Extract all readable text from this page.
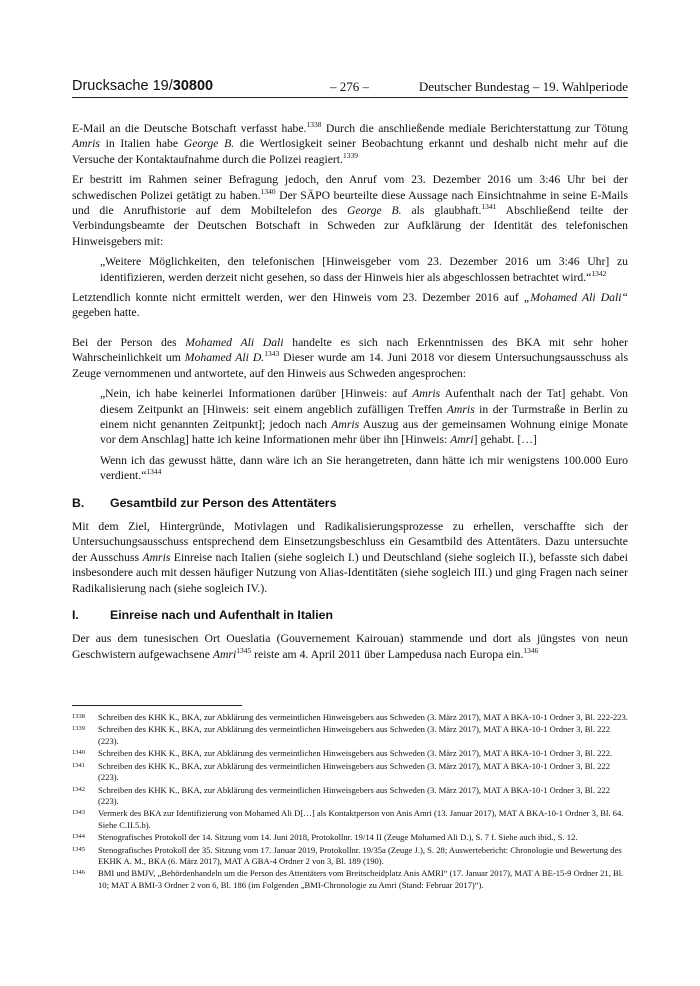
Drucksache 19/30800	– 276 –	Deutscher Bundestag – 19. Wahlperiode

E-Mail an die Deutsche Botschaft verfasst habe.$^{1338}$ Durch die anschließende mediale Berichterstattung zur Tötung Amris in Italien habe George B. die Wertlosigkeit seiner Beobachtung erkannt und deshalb nicht mehr auf die Versuche der Kontaktaufnahme durch die Polizei reagiert.$^{1339}$

Er bestritt im Rahmen seiner Befragung jedoch, den Anruf vom 23. Dezember 2016 um 3:46 Uhr bei der schwedischen Polizei getätigt zu haben.$^{1340}$ Der SÄPO beurteilte diese Aussage nach Einsichtnahme in seine E-Mails und die Anrufhistorie auf dem Mobiltelefon des George B. als glaubhaft.$^{1341}$ Abschließend teilte der Verbindungsbeamte der Deutschen Botschaft in Schweden zur Aufklärung der Identität des telefonischen Hinweisgebers mit:

„Weitere Möglichkeiten, den telefonischen [Hinweisgeber vom 23. Dezember 2016 um 3:46 Uhr] zu identifizieren, werden derzeit nicht gesehen, so dass der Hinweis hier als abgeschlossen betrachtet wird.“$^{1342}$

Letztendlich konnte nicht ermittelt werden, wer den Hinweis vom 23. Dezember 2016 auf „Mohamed Ali Dali“ gegeben hatte.

Bei der Person des Mohamed Ali Dali handelte es sich nach Erkenntnissen des BKA mit sehr hoher Wahrscheinlichkeit um Mohamed Ali D.$^{1343}$ Dieser wurde am 14. Juni 2018 vor diesem Untersuchungsausschuss als Zeuge vernommenen und antwortete, auf den Hinweis aus Schweden angesprochen:

„Nein, ich habe keinerlei Informationen darüber [Hinweis: auf Amris Aufenthalt nach der Tat] gehabt. Von diesem Zeitpunkt an [Hinweis: seit einem angeblich zufälligen Treffen Amris in der Turmstraße in Berlin zu einem nicht genannten Zeitpunkt]; jedoch nach Amris Auszug aus der gemeinsamen Wohnung einige Monate vor dem Anschlag] hatte ich keine Informationen mehr über ihn [Hinweis: Amri] gehabt. […]

Wenn ich das gewusst hätte, dann wäre ich an Sie herangetreten, dann hätte ich mir wenigstens 100.000 Euro verdient.“$^{1344}$

B.	Gesamtbild zur Person des Attentäters

Mit dem Ziel, Hintergründe, Motivlagen und Radikalisierungsprozesse zu erhellen, verschaffte sich der Untersuchungsausschuss entsprechend dem Einsetzungsbeschluss ein Gesamtbild des Attentäters. Dazu untersuchte der Ausschuss Amris Einreise nach Italien (siehe sogleich I.) und Deutschland (siehe sogleich II.), befasste sich dabei insbesondere auch mit dessen häufiger Nutzung von Alias-Identitäten (siehe sogleich III.) und ging Fragen nach seiner Radikalisierung nach (siehe sogleich IV.).

I.	Einreise nach und Aufenthalt in Italien

Der aus dem tunesischen Ort Oueslatia (Gouvernement Kairouan) stammende und dort als jüngstes von neun Geschwistern aufgewachsene Amri$^{1345}$ reiste am 4. April 2011 über Lampedusa nach Europa ein.$^{1346}$

1338	Schreiben des KHK K., BKA, zur Abklärung des vermeintlichen Hinweisgebers aus Schweden (3. März 2017), MAT A BKA-10-1 Ordner 3, Bl. 222-223.
1339	Schreiben des KHK K., BKA, zur Abklärung des vermeintlichen Hinweisgebers aus Schweden (3. März 2017), MAT A BKA-10-1 Ordner 3, Bl. 222 (223).
1340	Schreiben des KHK K., BKA, zur Abklärung des vermeintlichen Hinweisgebers aus Schweden (3. März 2017), MAT A BKA-10-1 Ordner 3, Bl. 222.
1341	Schreiben des KHK K., BKA, zur Abklärung des vermeintlichen Hinweisgebers aus Schweden (3. März 2017), MAT A BKA-10-1 Ordner 3, Bl. 222 (223).
1342	Schreiben des KHK K., BKA, zur Abklärung des vermeintlichen Hinweisgebers aus Schweden (3. März 2017), MAT A BKA-10-1 Ordner 3, Bl. 222 (223).
1343	Vermerk des BKA zur Identifizierung von Mohamed Ali D[…] als Kontaktperson von Anis Amri (13. Januar 2017), MAT A BKA-10-1 Ordner 3, Bl. 64. Siehe C.II.5.b).
1344	Stenografisches Protokoll der 14. Sitzung vom 14. Juni 2018, Protokollnr. 19/14 II (Zeuge Mohamed Ali D.), S. 7 f. Siehe auch ibid., S. 12.
1345	Stenografisches Protokoll der 35. Sitzung vom 17. Januar 2019, Protokollnr. 19/35a (Zeuge J.), S. 28; Auswertebericht: Chronologie und Bewertung des EKHK A. M., BKA (6. März 2017), MAT A GBA-4 Ordner 2 von 3, Bl. 189 (190).
1346	BMI und BMJV, „Behördenhandeln um die Person des Attentäters vom Breitscheidplatz Anis AMRI“ (17. Januar 2017), MAT A BE-15-9 Ordner 21, Bl. 10; MAT A BMI-3 Ordner 2 von 6, Bl. 186 (im Folgenden „BMI-Chronologie zu Amri (Stand: Februar 2017)“).
